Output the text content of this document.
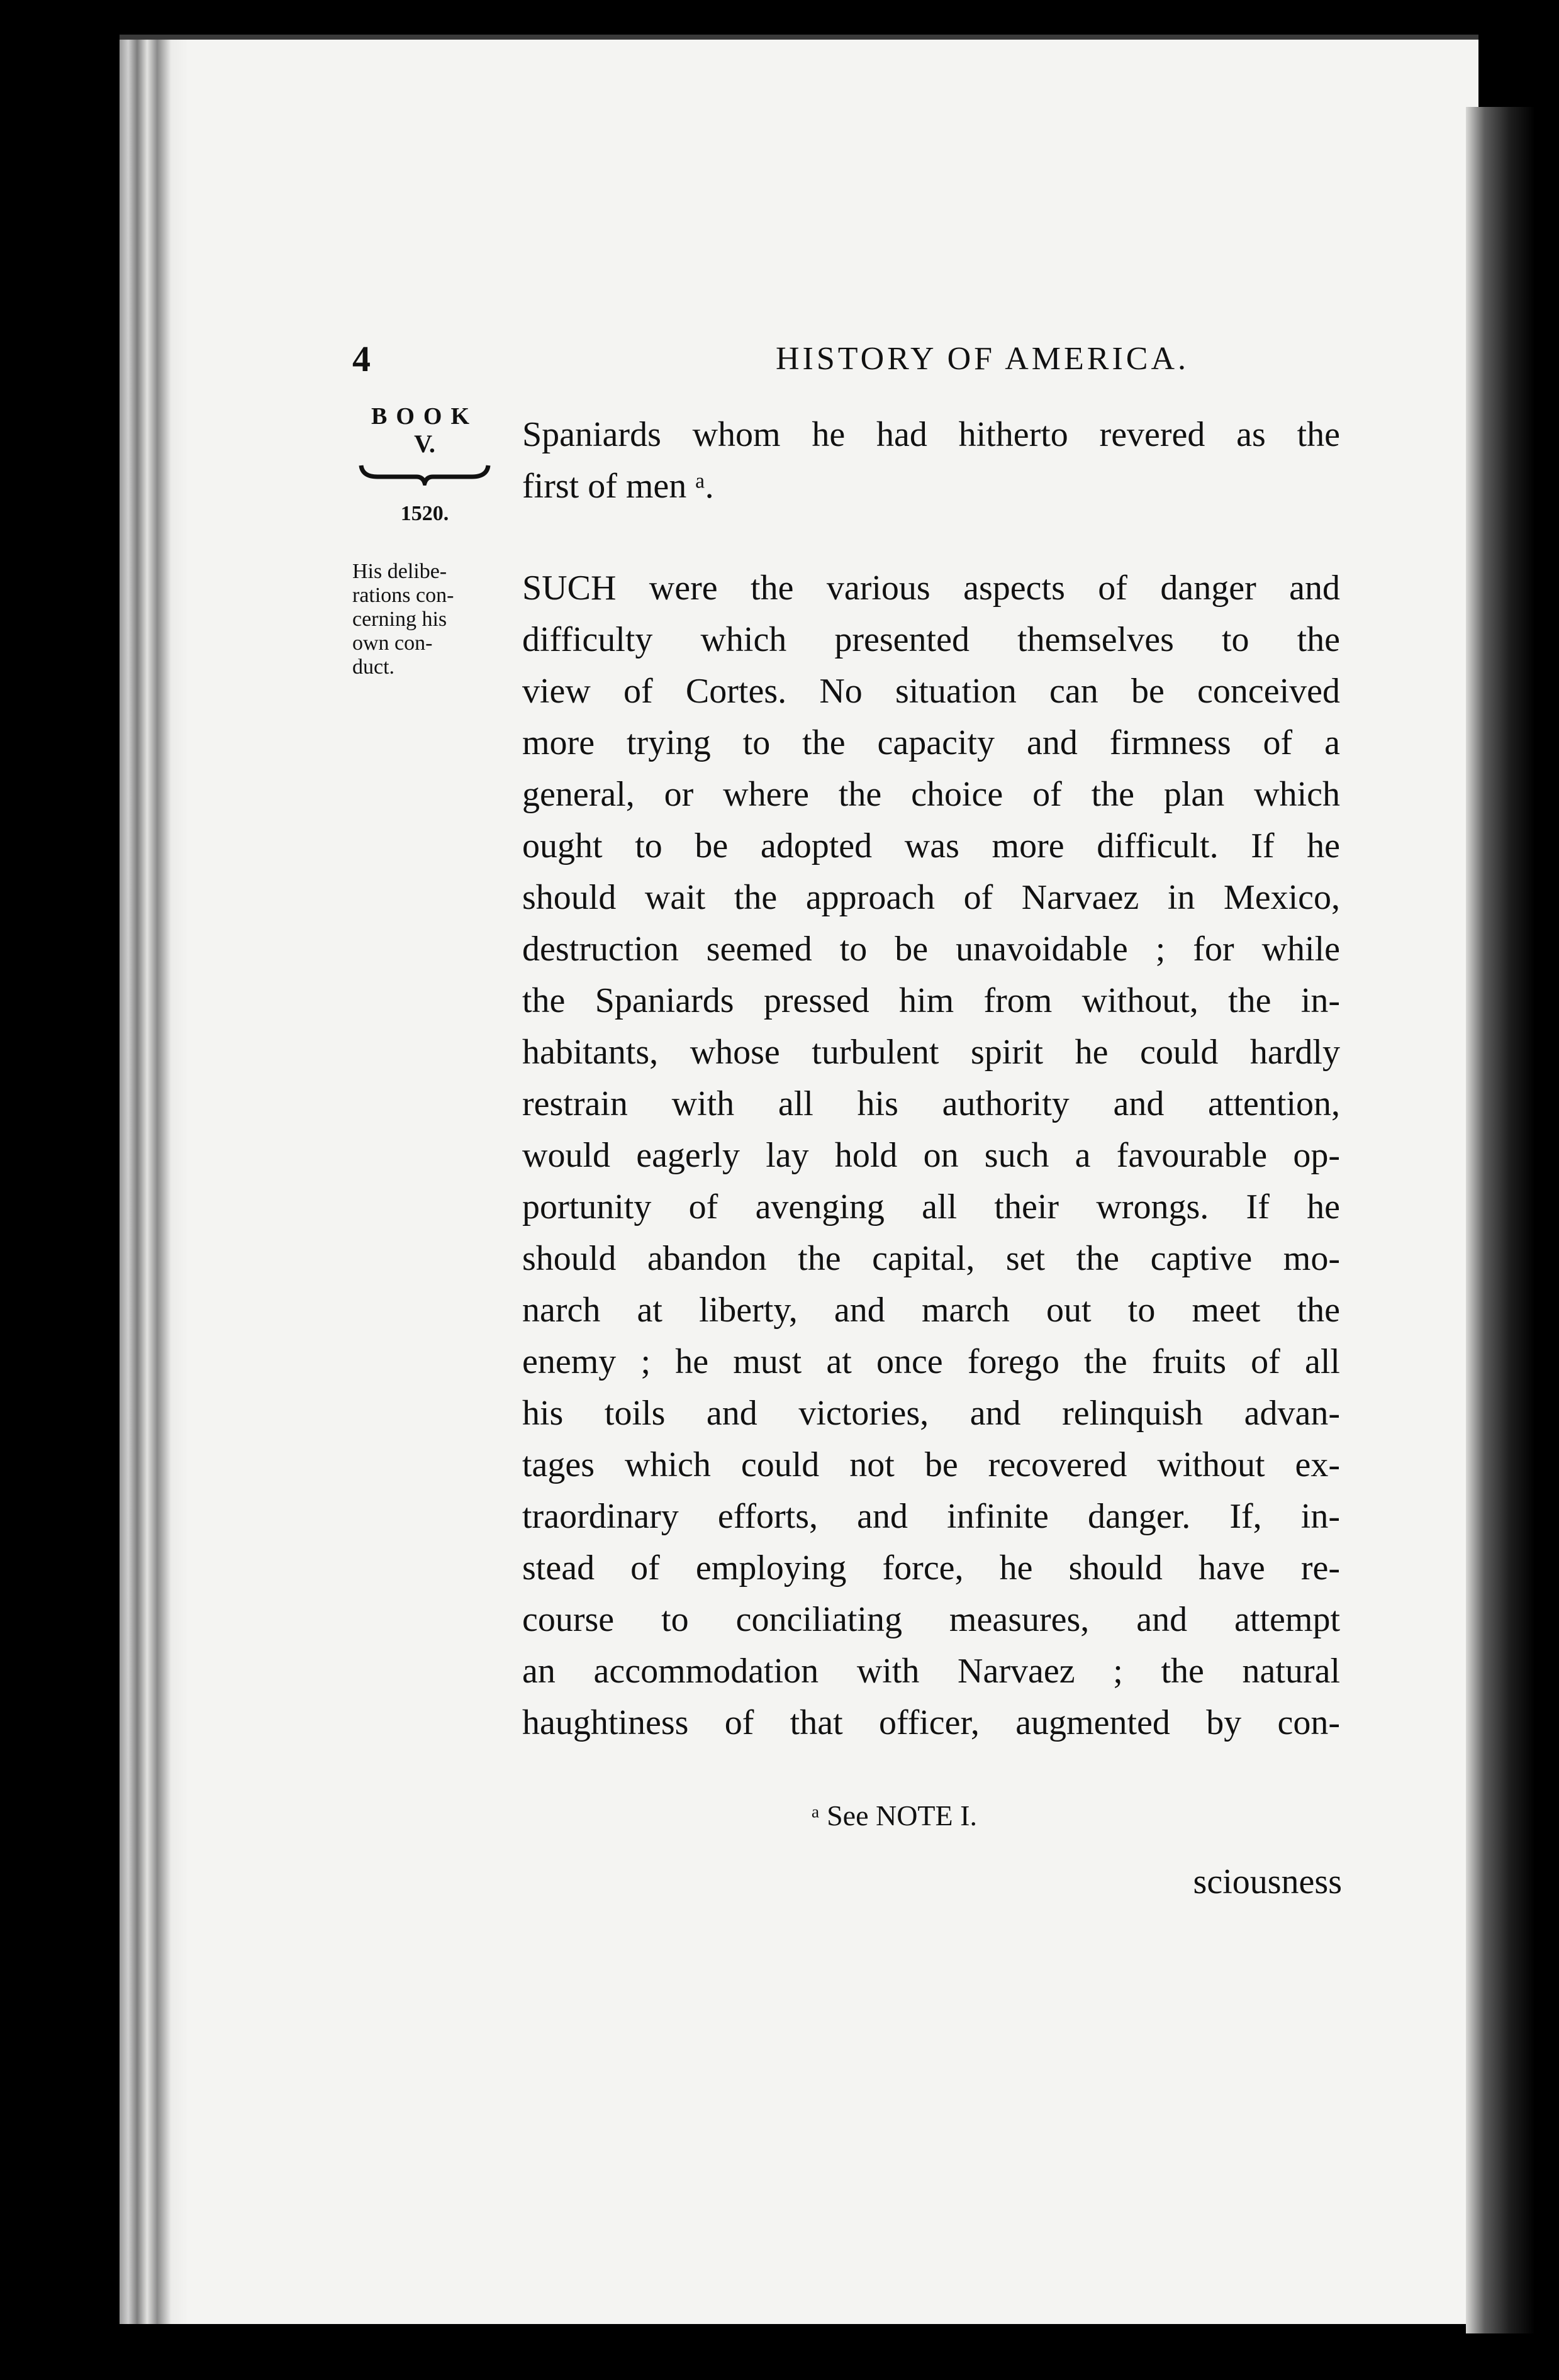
4	HISTORY OF AMERICA.
BOOK
V.
1520.
His delibe-
rations con-
cerning his
own con-
duct.
Spaniards whom he had hitherto revered as the
first of men ᵃ.
SUCH were the various aspects of danger and
difficulty which presented themselves to the
view of Cortes. No situation can be conceived
more trying to the capacity and firmness of a
general, or where the choice of the plan which
ought to be adopted was more difficult. If he
should wait the approach of Narvaez in Mexico,
destruction seemed to be unavoidable ; for while
the Spaniards pressed him from without, the in-
habitants, whose turbulent spirit he could hardly
restrain with all his authority and attention,
would eagerly lay hold on such a favourable op-
portunity of avenging all their wrongs. If he
should abandon the capital, set the captive mo-
narch at liberty, and march out to meet the
enemy ; he must at once forego the fruits of all
his toils and victories, and relinquish advan-
tages which could not be recovered without ex-
traordinary efforts, and infinite danger. If, in-
stead of employing force, he should have re-
course to conciliating measures, and attempt
an accommodation with Narvaez ; the natural
haughtiness of that officer, augmented by con-
ᵃ See NOTE I.
sciousness
